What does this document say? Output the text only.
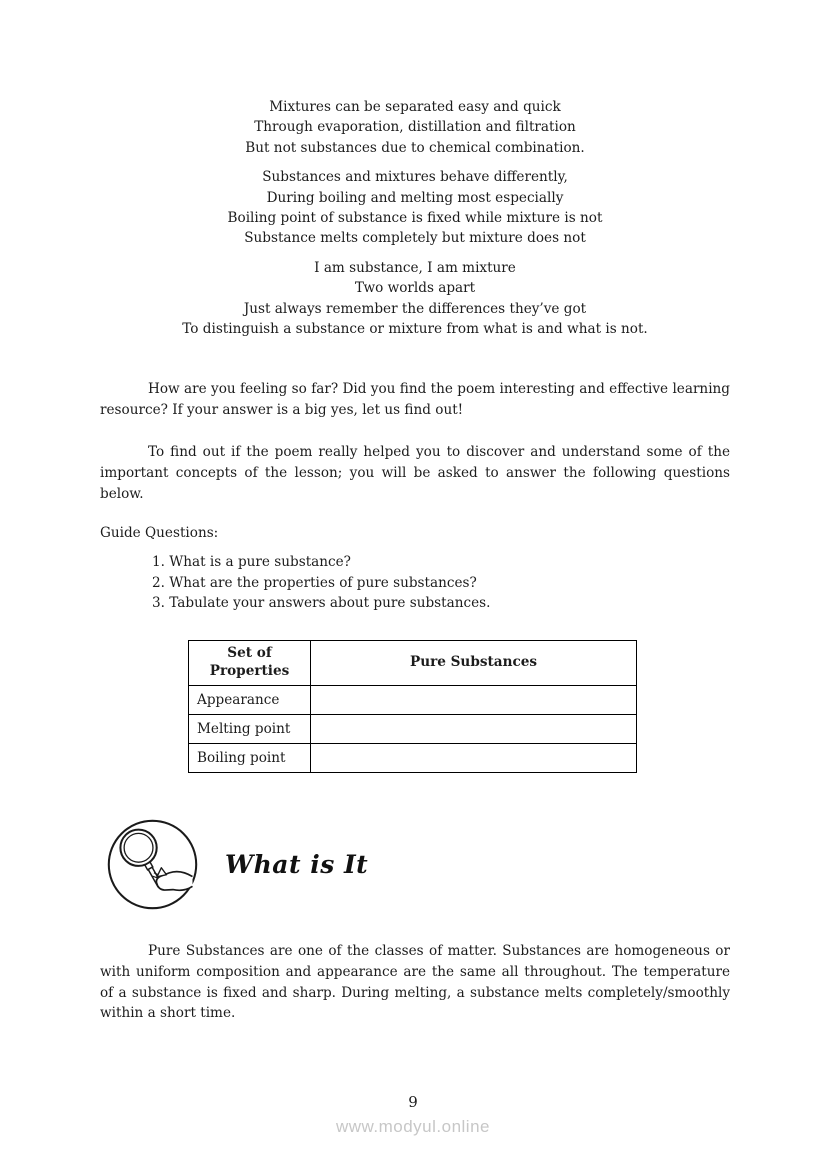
Mixtures can be separated easy and quick
Through evaporation, distillation and filtration
But not substances due to chemical combination.
Substances and mixtures behave differently,
During boiling and melting most especially
Boiling point of substance is fixed while mixture is not
Substance melts completely but mixture does not
I am substance, I am mixture
Two worlds apart
Just always remember the differences they’ve got
To distinguish a substance or mixture from what is and what is not.

How are you feeling so far? Did you find the poem interesting and effective learning resource? If your answer is a big yes, let us find out!

To find out if the poem really helped you to discover and understand some of the important concepts of the lesson; you will be asked to answer the following questions below.

Guide Questions:
1. What is a pure substance?
2. What are the properties of pure substances?
3. Tabulate your answers about pure substances.
Set of Properties	Pure Substances
Appearance	
Melting point	
Boiling point	
What is It

Pure Substances are one of the classes of matter. Substances are homogeneous or with uniform composition and appearance are the same all throughout. The temperature of a substance is fixed and sharp. During melting, a substance melts completely/smoothly within a short time.

9
www.modyul.online
